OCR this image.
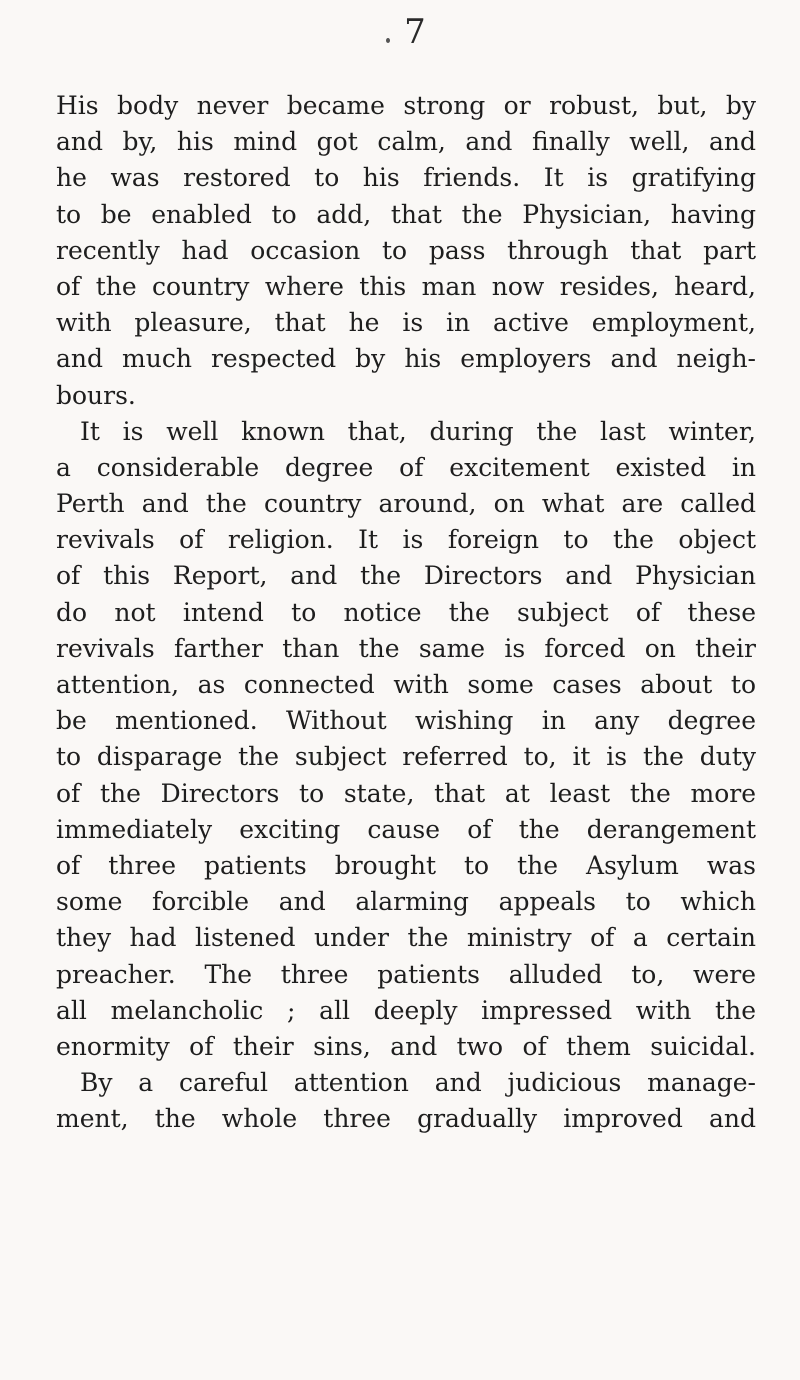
7
His body never became strong or robust, but, by
and by, his mind got calm, and finally well, and
he was restored to his friends. It is gratifying
to be enabled to add, that the Physician, having
recently had occasion to pass through that part
of the country where this man now resides, heard,
with pleasure, that he is in active employment,
and much respected by his employers and neigh-
bours.
It is well known that, during the last winter,
a considerable degree of excitement existed in
Perth and the country around, on what are called
revivals of religion. It is foreign to the object
of this Report, and the Directors and Physician
do not intend to notice the subject of these
revivals farther than the same is forced on their
attention, as connected with some cases about to
be mentioned. Without wishing in any degree
to disparage the subject referred to, it is the duty
of the Directors to state, that at least the more
immediately exciting cause of the derangement
of three patients brought to the Asylum was
some forcible and alarming appeals to which
they had listened under the ministry of a certain
preacher. The three patients alluded to, were
all melancholic ; all deeply impressed with the
enormity of their sins, and two of them suicidal.
By a careful attention and judicious manage-
ment, the whole three gradually improved and
